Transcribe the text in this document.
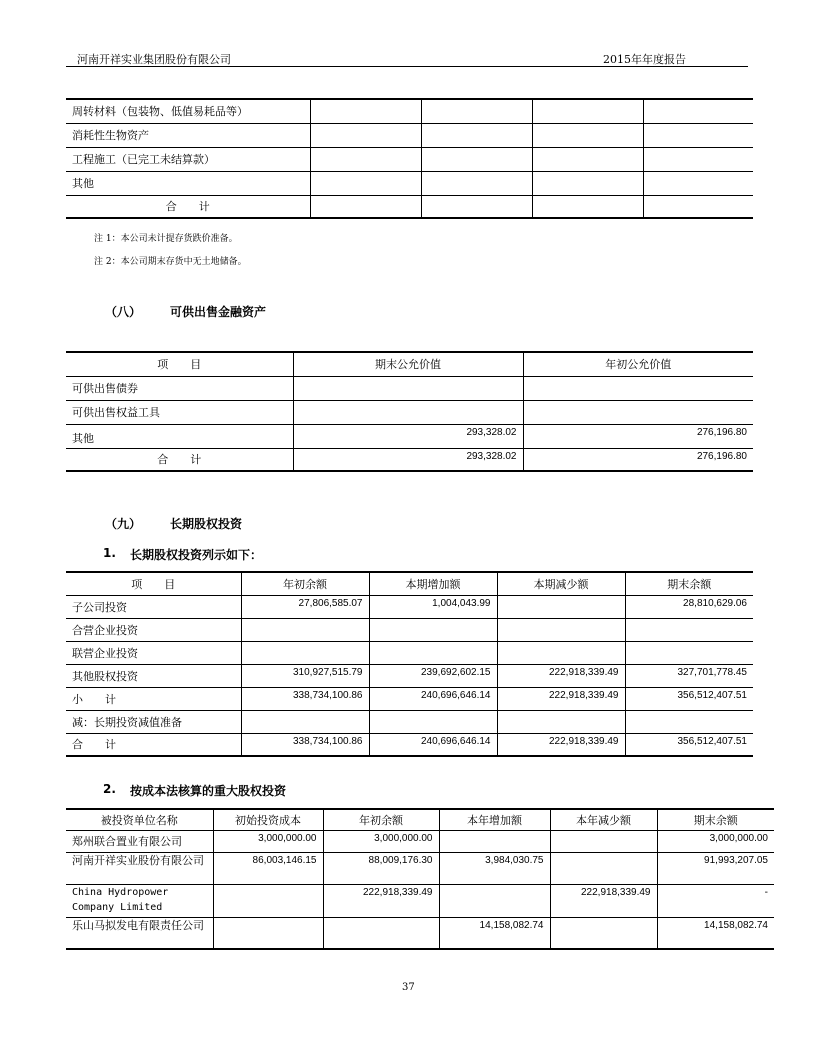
河南开祥实业集团股份有限公司	2015年年度报告
周转材料（包装物、低值易耗品等）				
消耗性生物资产				
工程施工（已完工未结算款）				
其他				
合　　计				
注 1：本公司未计提存货跌价准备。
注 2：本公司期末存货中无土地储备。
（八） 可供出售金融资产
项　　目	期末公允价值	年初公允价值
可供出售债券		
可供出售权益工具		
其他	293,328.02	276,196.80
合　　计	293,328.02	276,196.80
（九） 长期股权投资
1. 长期股权投资列示如下：
项　　目	年初余额	本期增加额	本期减少额	期末余额
子公司投资	27,806,585.07	1,004,043.99		28,810,629.06
合营企业投资				
联营企业投资				
其他股权投资	310,927,515.79	239,692,602.15	222,918,339.49	327,701,778.45
小　　计	338,734,100.86	240,696,646.14	222,918,339.49	356,512,407.51
减：长期投资减值准备				
合　　计	338,734,100.86	240,696,646.14	222,918,339.49	356,512,407.51
2. 按成本法核算的重大股权投资
被投资单位名称	初始投资成本	年初余额	本年增加额	本年减少额	期末余额
郑州联合置业有限公司	3,000,000.00	3,000,000.00			3,000,000.00
河南开祥实业股份有限公司	86,003,146.15	88,009,176.30	3,984,030.75		91,993,207.05
China Hydropower Company Limited		222,918,339.49		222,918,339.49	-
乐山马拟发电有限责任公司			14,158,082.74		14,158,082.74
37
